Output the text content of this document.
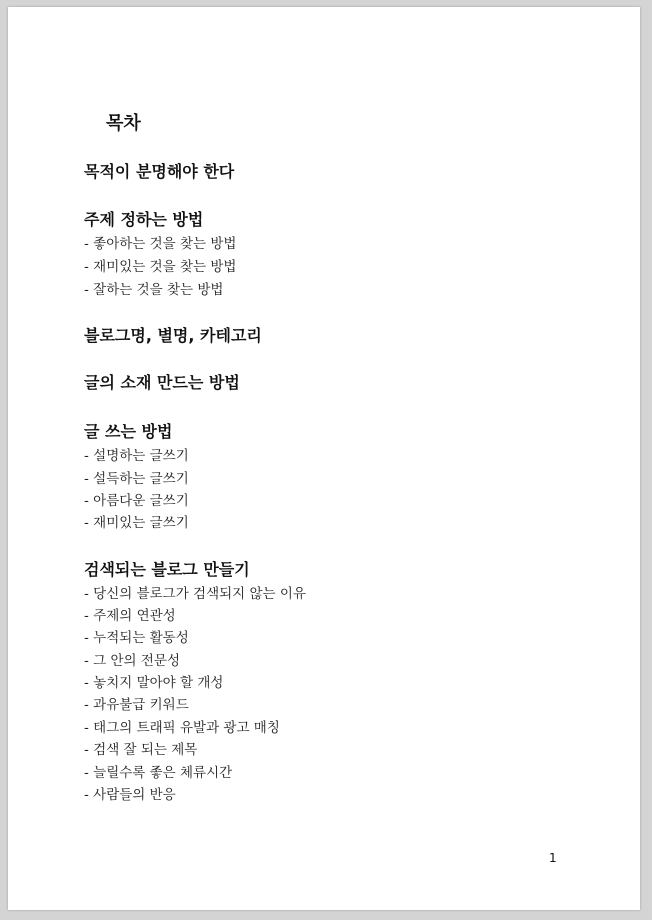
목차
목적이 분명해야 한다
주제 정하는 방법
- 좋아하는 것을 찾는 방법
- 재미있는 것을 찾는 방법
- 잘하는 것을 찾는 방법
블로그명, 별명, 카테고리
글의 소재 만드는 방법
글 쓰는 방법
- 설명하는 글쓰기
- 설득하는 글쓰기
- 아름다운 글쓰기
- 재미있는 글쓰기
검색되는 블로그 만들기
- 당신의 블로그가 검색되지 않는 이유
- 주제의 연관성
- 누적되는 활동성
- 그 안의 전문성
- 놓치지 말아야 할 개성
- 과유불급 키워드
- 태그의 트래픽 유발과 광고 매칭
- 검색 잘 되는 제목
- 늘릴수록 좋은 체류시간
- 사람들의 반응
1
